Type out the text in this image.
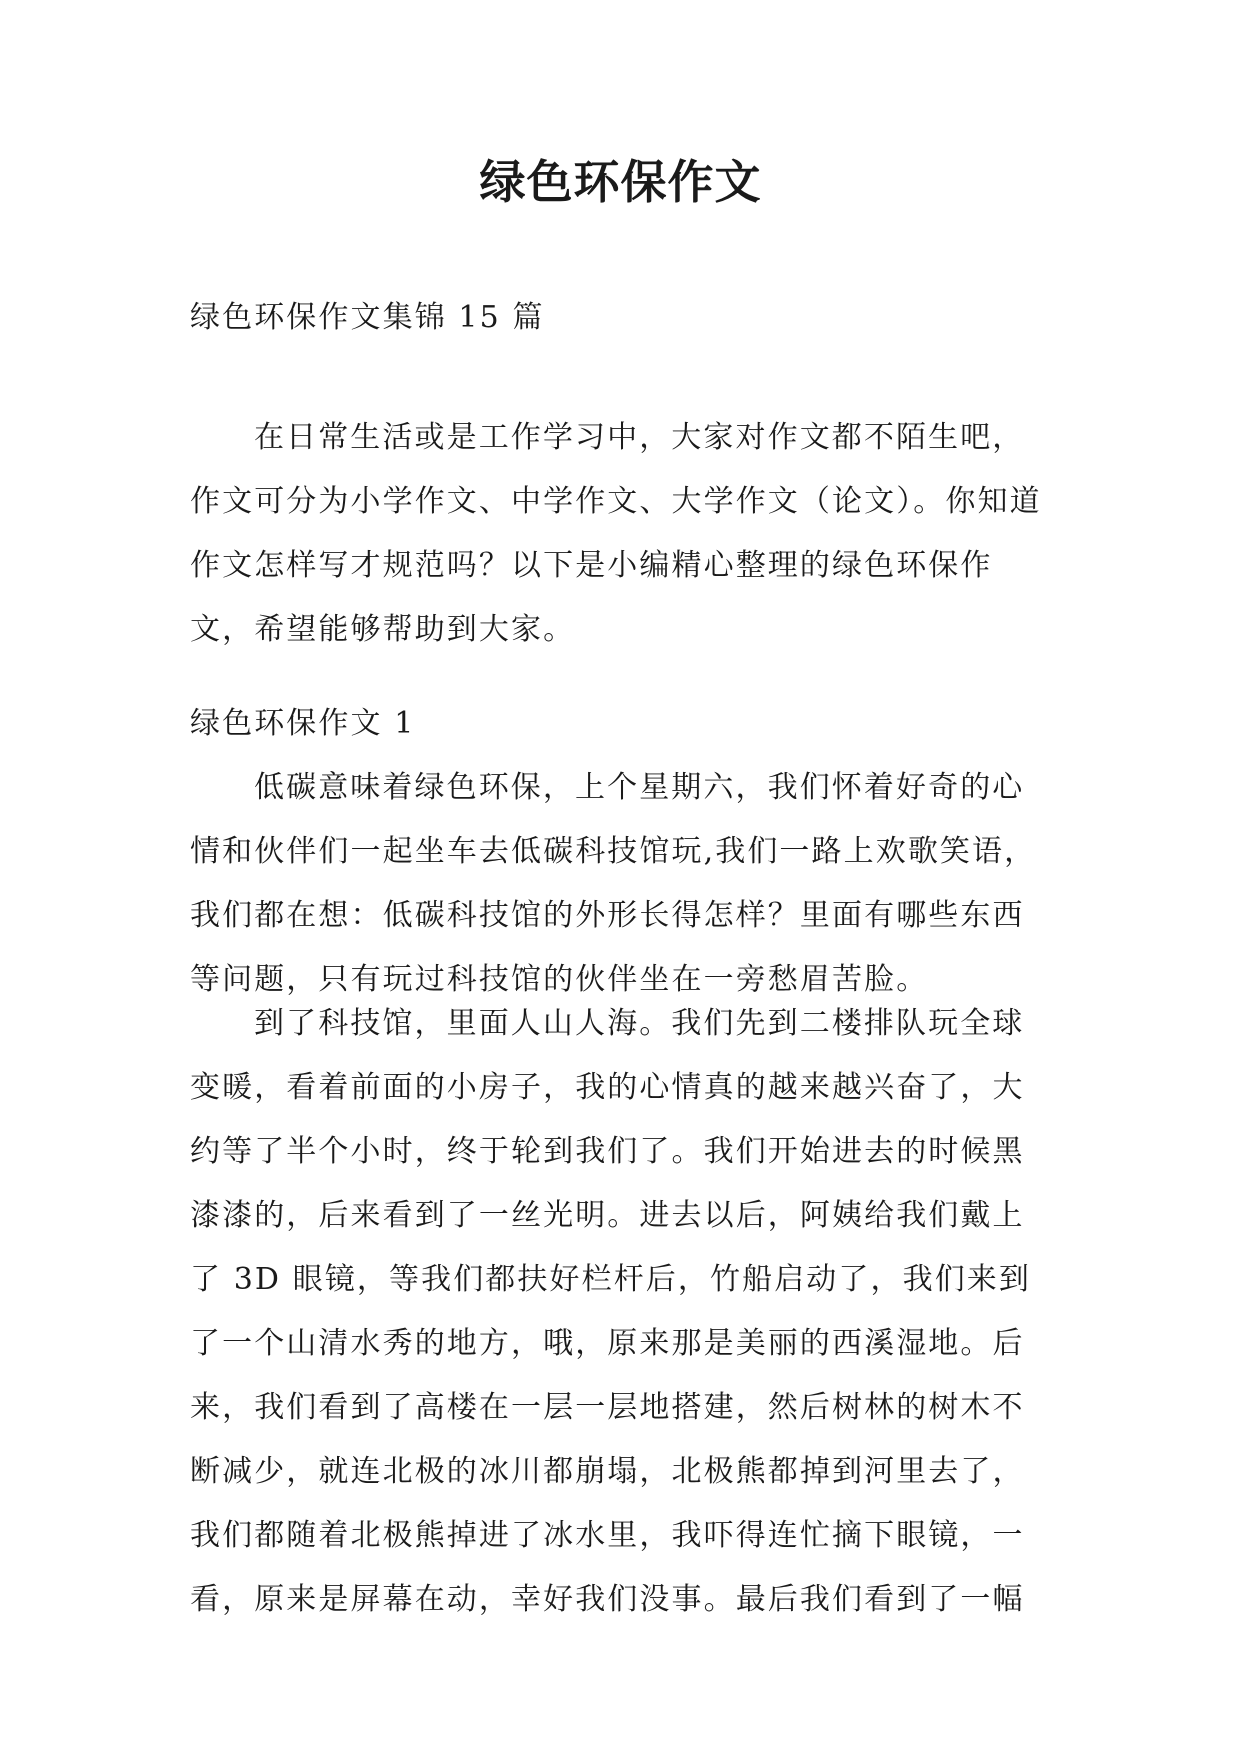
绿色环保作文

绿色环保作文集锦 15 篇

在日常生活或是工作学习中，大家对作文都不陌生吧，作文可分为小学作文、中学作文、大学作文（论文）。你知道作文怎样写才规范吗？以下是小编精心整理的绿色环保作文，希望能够帮助到大家。

绿色环保作文 1

低碳意味着绿色环保，上个星期六，我们怀着好奇的心情和伙伴们一起坐车去低碳科技馆玩,我们一路上欢歌笑语，我们都在想：低碳科技馆的外形长得怎样？里面有哪些东西等问题，只有玩过科技馆的伙伴坐在一旁愁眉苦脸。

到了科技馆，里面人山人海。我们先到二楼排队玩全球变暖，看着前面的小房子，我的心情真的越来越兴奋了，大约等了半个小时，终于轮到我们了。我们开始进去的时候黑漆漆的，后来看到了一丝光明。进去以后，阿姨给我们戴上了 3D 眼镜，等我们都扶好栏杆后，竹船启动了，我们来到了一个山清水秀的地方，哦，原来那是美丽的西溪湿地。后来，我们看到了高楼在一层一层地搭建，然后树林的树木不断减少，就连北极的冰川都崩塌，北极熊都掉到河里去了，我们都随着北极熊掉进了冰水里，我吓得连忙摘下眼镜，一看，原来是屏幕在动，幸好我们没事。最后我们看到了一幅
